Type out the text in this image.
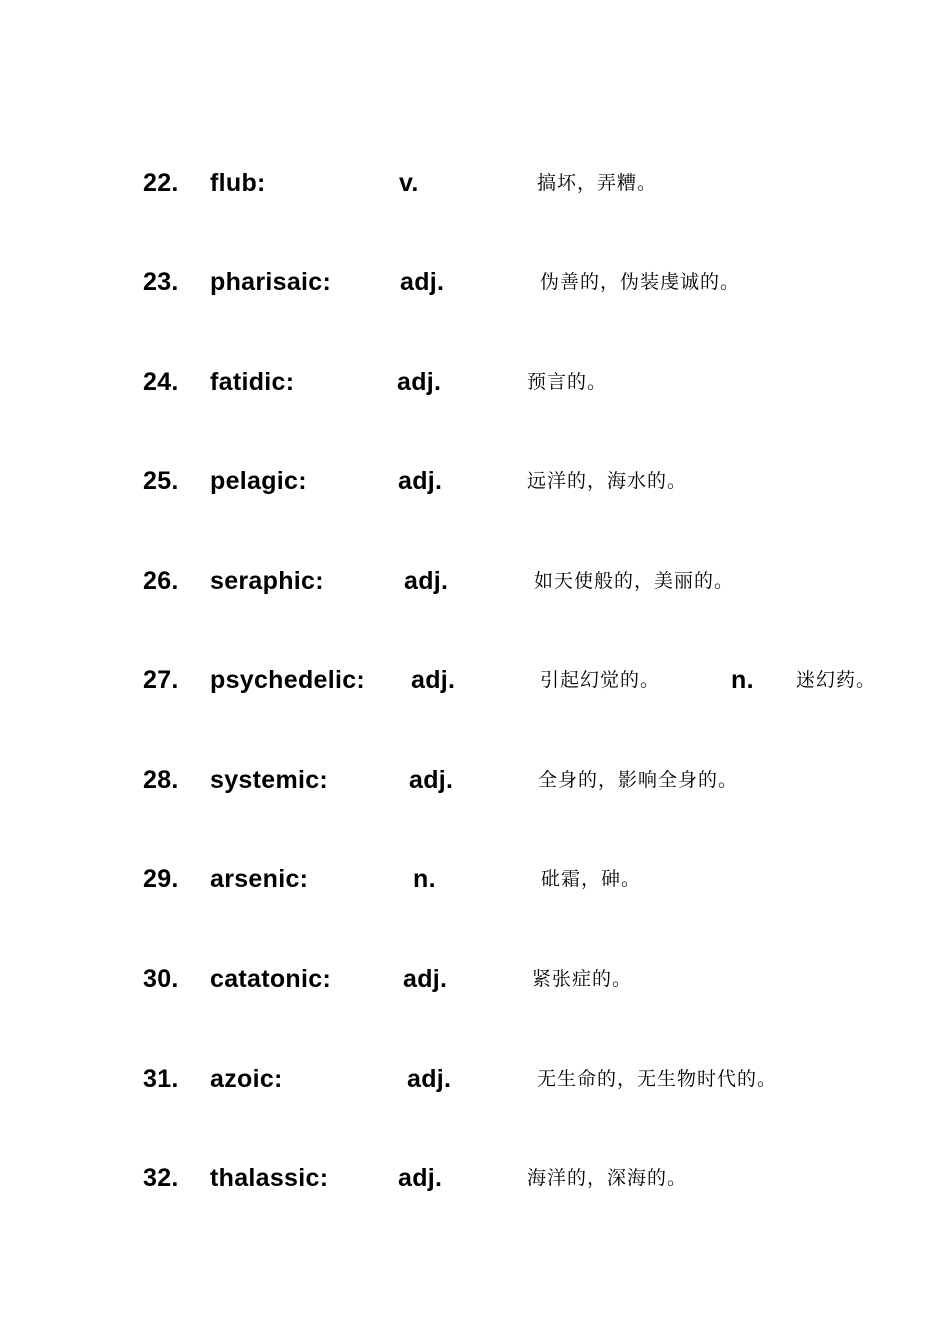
22. flub:	v.	搞坏，弄糟。
23. pharisaic:	adj.	伪善的，伪装虔诚的。
24. fatidic:	adj.	预言的。
25. pelagic:	adj.	远洋的，海水的。
26. seraphic:	adj.	如天使般的，美丽的。
27. psychedelic: adj.	引起幻觉的。	n. 迷幻药。
28. systemic:	adj.	全身的，影响全身的。
29. arsenic:	n.	砒霜，砷。
30. catatonic:	adj.	紧张症的。
31. azoic:	adj.	无生命的，无生物时代的。
32. thalassic:	adj.	海洋的，深海的。
